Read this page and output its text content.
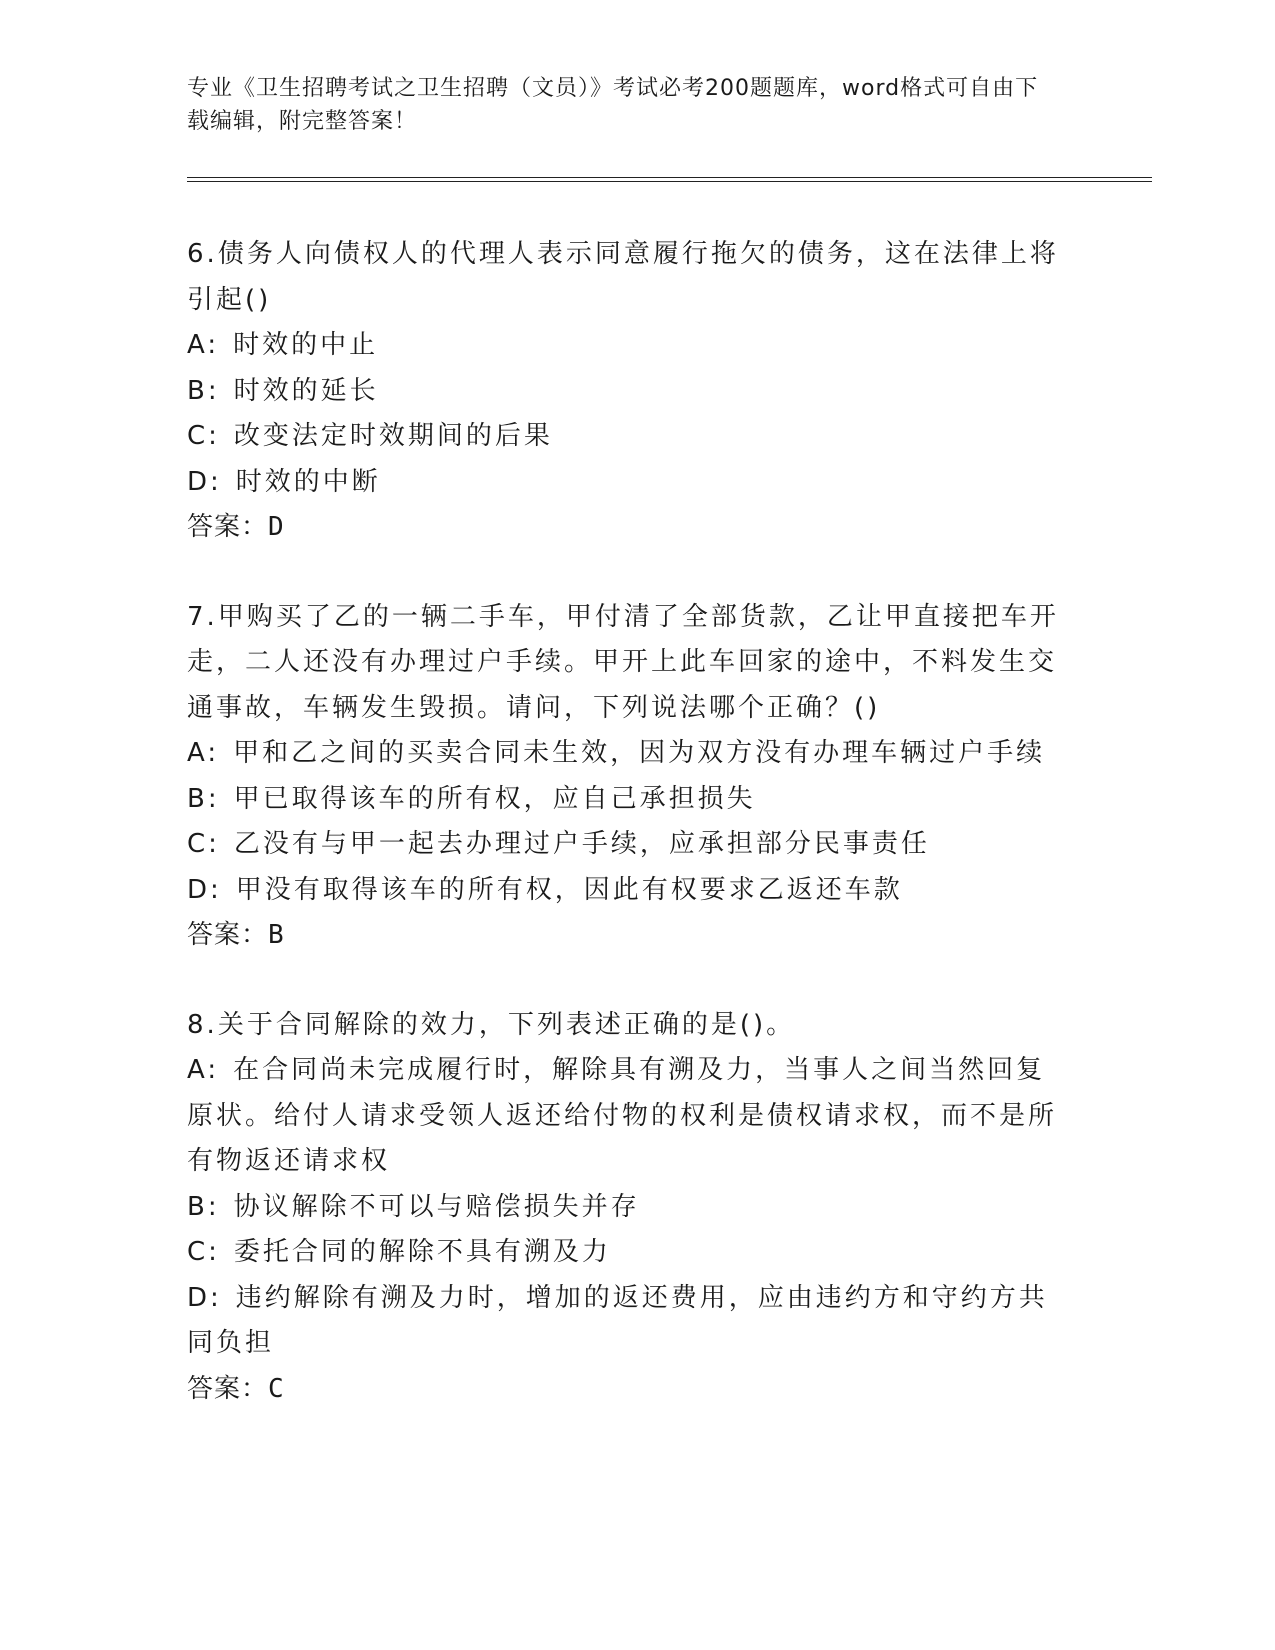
专业《卫生招聘考试之卫生招聘（文员）》考试必考200题题库，word格式可自由下载编辑，附完整答案！
6.债务人向债权人的代理人表示同意履行拖欠的债务，这在法律上将引起()
A: 时效的中止
B: 时效的延长
C: 改变法定时效期间的后果
D: 时效的中断
答案：D
7.甲购买了乙的一辆二手车，甲付清了全部货款，乙让甲直接把车开走，二人还没有办理过户手续。甲开上此车回家的途中，不料发生交通事故，车辆发生毁损。请问，下列说法哪个正确？()
A: 甲和乙之间的买卖合同未生效，因为双方没有办理车辆过户手续
B: 甲已取得该车的所有权，应自己承担损失
C: 乙没有与甲一起去办理过户手续，应承担部分民事责任
D: 甲没有取得该车的所有权，因此有权要求乙返还车款
答案：B
8.关于合同解除的效力，下列表述正确的是()。
A: 在合同尚未完成履行时，解除具有溯及力，当事人之间当然回复原状。给付人请求受领人返还给付物的权利是债权请求权，而不是所有物返还请求权
B: 协议解除不可以与赔偿损失并存
C: 委托合同的解除不具有溯及力
D: 违约解除有溯及力时，增加的返还费用，应由违约方和守约方共同负担
答案：C
